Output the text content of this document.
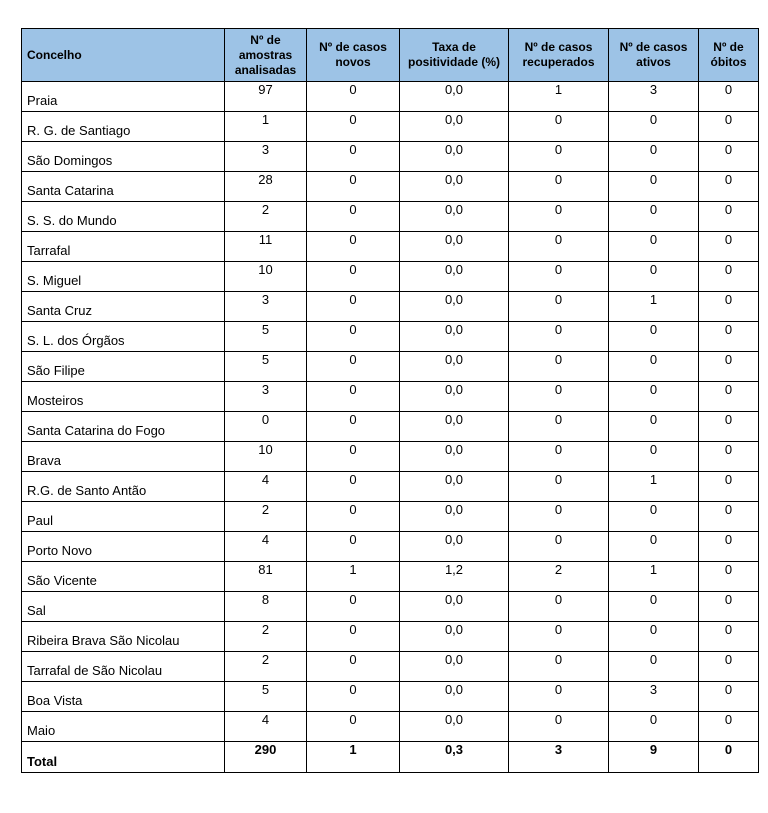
Concelho	Nº de amostras analisadas	Nº de casos novos	Taxa de positividade (%)	Nº de casos recuperados	Nº de casos ativos	Nº de óbitos
Praia	97	0	0,0	1	3	0
R. G. de Santiago	1	0	0,0	0	0	0
São Domingos	3	0	0,0	0	0	0
Santa Catarina	28	0	0,0	0	0	0
S. S. do Mundo	2	0	0,0	0	0	0
Tarrafal	11	0	0,0	0	0	0
S. Miguel	10	0	0,0	0	0	0
Santa Cruz	3	0	0,0	0	1	0
S. L. dos Órgãos	5	0	0,0	0	0	0
São Filipe	5	0	0,0	0	0	0
Mosteiros	3	0	0,0	0	0	0
Santa Catarina do Fogo	0	0	0,0	0	0	0
Brava	10	0	0,0	0	0	0
R.G. de Santo Antão	4	0	0,0	0	1	0
Paul	2	0	0,0	0	0	0
Porto Novo	4	0	0,0	0	0	0
São Vicente	81	1	1,2	2	1	0
Sal	8	0	0,0	0	0	0
Ribeira Brava São Nicolau	2	0	0,0	0	0	0
Tarrafal de São Nicolau	2	0	0,0	0	0	0
Boa Vista	5	0	0,0	0	3	0
Maio	4	0	0,0	0	0	0
Total	290	1	0,3	3	9	0
